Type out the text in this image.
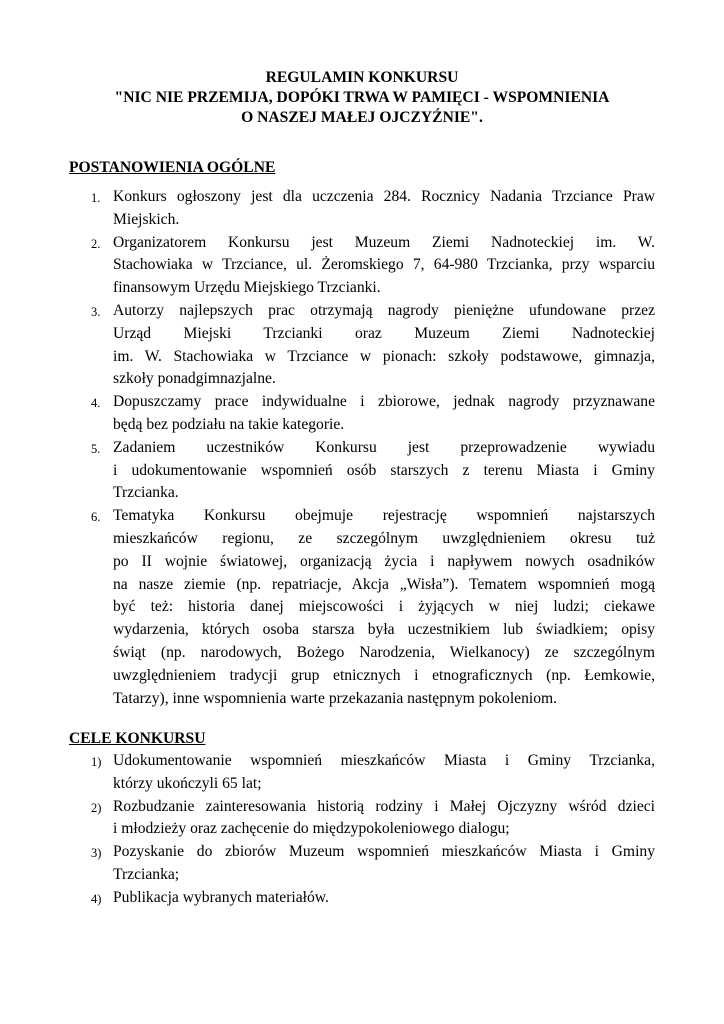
REGULAMIN KONKURSU
"NIC NIE PRZEMIJA, DOPÓKI TRWA W PAMIĘCI - WSPOMNIENIA
O NASZEJ MAŁEJ OJCZYŹNIE".
POSTANOWIENIA OGÓLNE
1. Konkurs ogłoszony jest dla uczczenia 284. Rocznicy Nadania Trzciance Praw
Miejskich.
2. Organizatorem Konkursu jest Muzeum Ziemi Nadnoteckiej im. W.
Stachowiaka w Trzciance, ul. Żeromskiego 7, 64-980 Trzcianka, przy wsparciu
finansowym Urzędu Miejskiego Trzcianki.
3. Autorzy najlepszych prac otrzymają nagrody pieniężne ufundowane przez
Urząd Miejski Trzcianki oraz Muzeum Ziemi Nadnoteckiej
im. W. Stachowiaka w Trzciance w pionach: szkoły podstawowe, gimnazja,
szkoły ponadgimnazjalne.
4. Dopuszczamy prace indywidualne i zbiorowe, jednak nagrody przyznawane
będą bez podziału na takie kategorie.
5. Zadaniem uczestników Konkursu jest przeprowadzenie wywiadu
i udokumentowanie wspomnień osób starszych z terenu Miasta i Gminy
Trzcianka.
6. Tematyka Konkursu obejmuje rejestrację wspomnień najstarszych
mieszkańców regionu, ze szczególnym uwzględnieniem okresu tuż
po II wojnie światowej, organizacją życia i napływem nowych osadników
na nasze ziemie (np. repatriacje, Akcja „Wisła”). Tematem wspomnień mogą
być też: historia danej miejscowości i żyjących w niej ludzi; ciekawe
wydarzenia, których osoba starsza była uczestnikiem lub świadkiem; opisy
świąt (np. narodowych, Bożego Narodzenia, Wielkanocy) ze szczególnym
uwzględnieniem tradycji grup etnicznych i etnograficznych (np. Łemkowie,
Tatarzy), inne wspomnienia warte przekazania następnym pokoleniom.
CELE KONKURSU
1) Udokumentowanie wspomnień mieszkańców Miasta i Gminy Trzcianka,
którzy ukończyli 65 lat;
2) Rozbudzanie zainteresowania historią rodziny i Małej Ojczyzny wśród dzieci
i młodzieży oraz zachęcenie do międzypokoleniowego dialogu;
3) Pozyskanie do zbiorów Muzeum wspomnień mieszkańców Miasta i Gminy
Trzcianka;
4) Publikacja wybranych materiałów.
